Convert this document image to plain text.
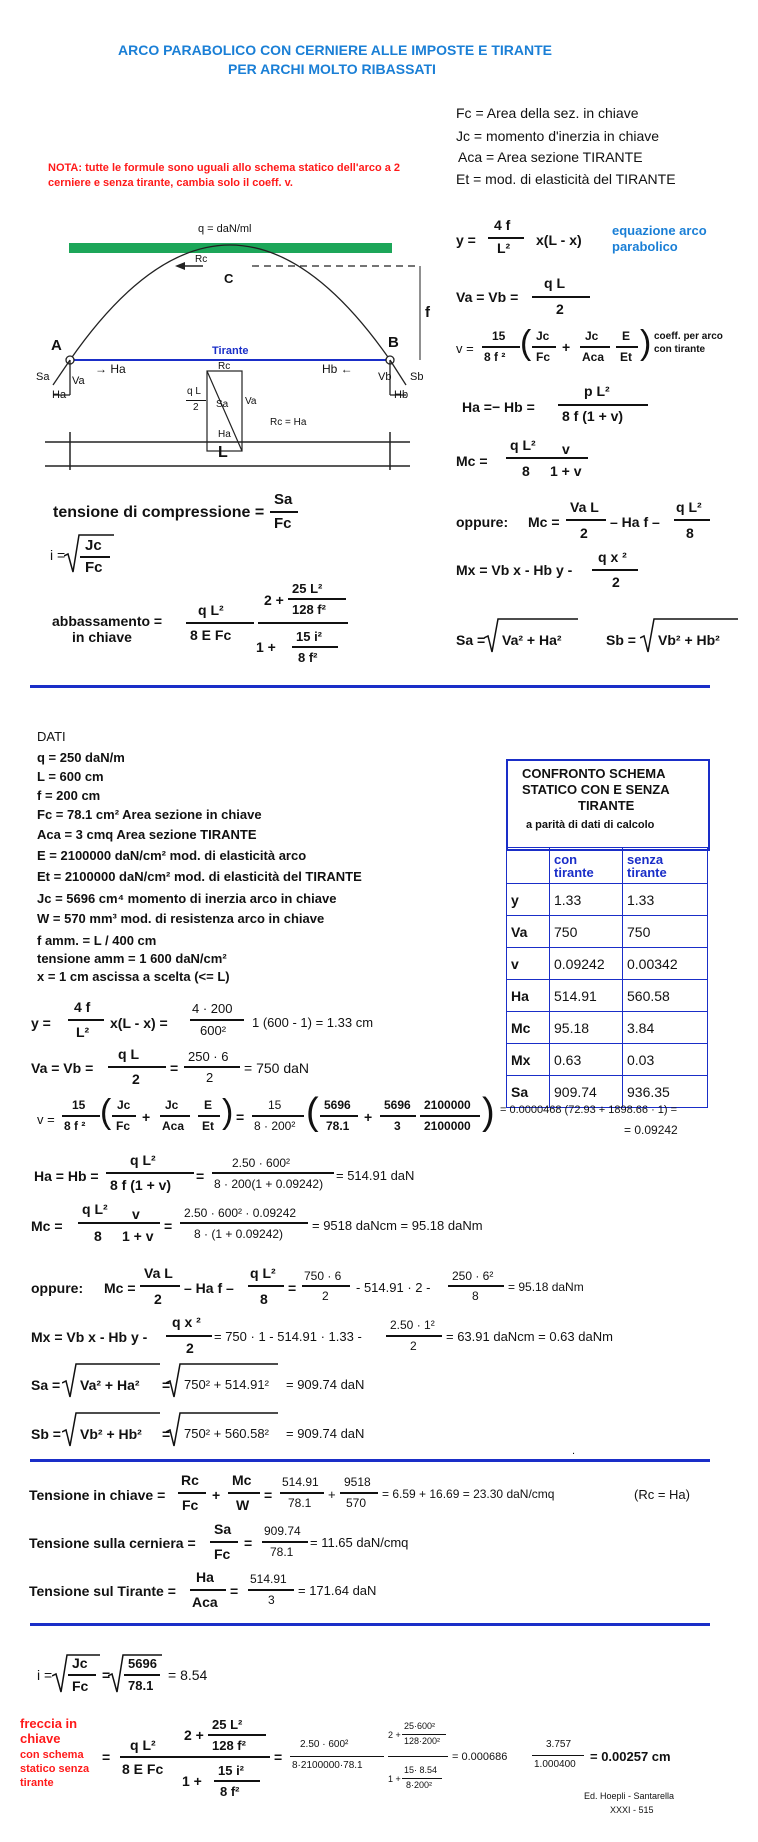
ARCO PARABOLICO CON CERNIERE ALLE IMPOSTE E TIRANTE
PER ARCHI MOLTO RIBASSATI
Fc = Area della sez. in chiave
Jc = momento d'inerzia in chiave
Aca = Area sezione TIRANTE
Et = mod. di elasticità del TIRANTE
NOTA: tutte le formule sono uguali allo schema statico dell'arco a 2
cerniere e senza tirante, cambia solo il coeff. v.
q = daN/ml
Rc
C
f
A	B
Tirante
Sa Va
Ha
→ Ha	Hb ←
Vb Sb
Hb
Rc
q L
2 Sa Va
Ha
Rc = Ha
L
y =
4 f
L² x(L - x)
equazione arco
parabolico
Va = Vb =
q L
2
v =
15
8 f ² ( Jc
Fc
+
Jc
Aca
E
Et ) coeff. per arco
con tirante
Ha =− Hb =
p L²
8 f (1 + v)
Mc =
q L²
8
v
1 + v
tensione di compressione =
Sa
Fc
i =
Jc
Fc
oppure: Mc =
Va L
2
– Ha f –
q L²
8
Mx = Vb x - Hb y -
q x ²
2
abbassamento =
in chiave
q L²
8 E Fc
2 +
25 L²
128 f²
1 +
15 i²
8 f²
Sa = Va² + Ha²	Sb = Vb² + Hb²
DATI
q = 250 daN/m
L = 600 cm
f = 200 cm
Fc = 78.1 cm² Area sezione in chiave
Aca = 3 cmq Area sezione TIRANTE
E = 2100000 daN/cm² mod. di elasticità arco
Et = 2100000 daN/cm² mod. di elasticità del TIRANTE
Jc = 5696 cm⁴ momento di inerzia arco in chiave
W = 570 mm³ mod. di resistenza arco in chiave
f amm. = L / 400 cm
tensione amm = 1 600 daN/cm²
x = 1 cm ascissa a scelta (<= L)
CONFRONTO SCHEMA
STATICO CON E SENZA
TIRANTE
a parità di dati di calcolo
	con
tirante	senza
tirante
y	1.33	1.33
Va	750	750
v	0.09242	0.00342
Ha	514.91	560.58
Mc	95.18	3.84
Mx	0.63	0.03
Sa	909.74	936.35
y =
4 f
L²
x(L - x) =
4 · 200
600²
1 (600 - 1) = 1.33 cm
Va = Vb =
q L
2
=
250 · 6
2
= 750 daN
v =
15
8 f ² ( Jc
Fc
+
Jc
Aca
E
Et ) =
15
8 · 200² ( 5696
78.1
+
5696
3
2100000
2100000 ) = 0.0000468 (72.93 + 1898.66 · 1) =
= 0.09242
Ha = Hb =
q L²
8 f (1 + v)
=
2.50 · 600²
8 · 200(1 + 0.09242)
= 514.91 daN
Mc =
q L²
8
v
1 + v
=
2.50 · 600² · 0.09242
8 · (1 + 0.09242)
= 9518 daNcm = 95.18 daNm
oppure: Mc =
Va L
2
– Ha f –
q L²
8
=
750 · 6
2
- 514.91 · 2 -
250 · 6²
8
= 95.18 daNm
Mx = Vb x - Hb y -
q x ²
2
= 750 · 1 - 514.91 · 1.33 -
2.50 · 1²
2
= 63.91 daNcm = 0.63 daNm
Sa = Va² + Ha² = 750² + 514.91² = 909.74 daN
Sb = Vb² + Hb² = 750² + 560.58² = 909.74 daN
.
Tensione in chiave =
Rc
Fc
+
Mc
W
=
514.91
78.1
+
9518
570
= 6.59 + 16.69 = 23.30 daN/cmq	(Rc = Ha)
Tensione sulla cerniera =
Sa
Fc
=
909.74
78.1
= 11.65 daN/cmq
Tensione sul Tirante =
Ha
Aca
=
514.91
3
= 171.64 daN
i =
Jc
Fc
=
5696
78.1
= 8.54
freccia in
chiave
con schema
statico senza
tirante
=
q L²
8 E Fc
2 +
25 L²
128 f²
1 +
15 i²
8 f²
=
2.50 · 600²
8·2100000·78.1
2 +
25·600²
128·200²
1 +
15· 8.54
8·200²
= 0.000686
3.757
1.000400
= 0.00257 cm
Ed. Hoepli - Santarella
XXXI - 515
